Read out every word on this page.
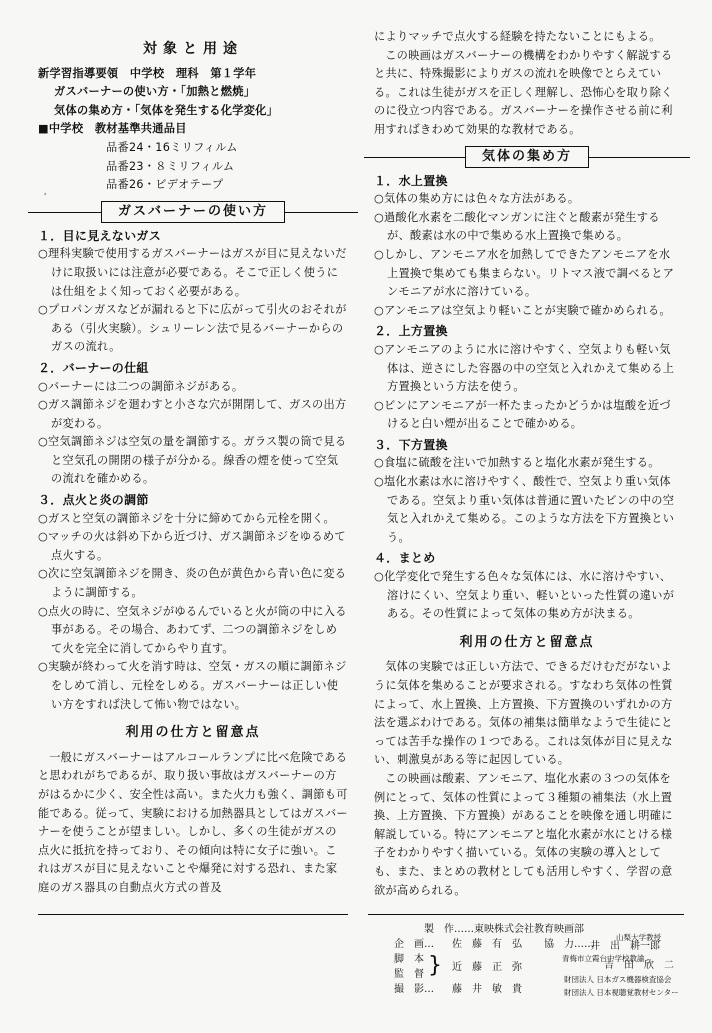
'
対象と用途
新学習指導要領　中学校　理科　第１学年
ガスバーナーの使い方・「加熱と燃焼」
気体の集め方・「気体を発生する化学変化」
■中学校　教材基準共通品目
品番24・16ミリフィルム
品番23・８ミリフィルム
品番26・ビデオテープ
ガスバーナーの使い方
１．目に見えないガス
○理科実験で使用するガスバーナーはガスが目に見えないだけに取扱いには注意が必要である。そこで正しく使うには仕組をよく知っておく必要がある。
○プロパンガスなどが漏れると下に広がって引火のおそれがある（引火実験）。シュリーレン法で見るバーナーからのガスの流れ。
２．バーナーの仕組
○バーナーには二つの調節ネジがある。
○ガス調節ネジを廻わすと小さな穴が開閉して、ガスの出方が変わる。
○空気調節ネジは空気の量を調節する。ガラス製の筒で見ると空気孔の開閉の様子が分かる。線香の煙を使って空気の流れを確かめる。
３．点火と炎の調節
○ガスと空気の調節ネジを十分に締めてから元栓を開く。
○マッチの火は斜め下から近づけ、ガス調節ネジをゆるめて点火する。
○次に空気調節ネジを開き、炎の色が黄色から青い色に変るように調節する。
○点火の時に、空気ネジがゆるんでいると火が筒の中に入る事がある。その場合、あわてず、二つの調節ネジをしめて火を完全に消してからやり直す。
○実験が終わって火を消す時は、空気・ガスの順に調節ネジをしめて消し、元栓をしめる。ガスバーナーは正しい使い方をすれば決して怖い物ではない。
利用の仕方と留意点
一般にガスバーナーはアルコールランプに比べ危険であると思われがちであるが、取り扱い事故はガスバーナーの方がはるかに少く、安全性は高い。また火力も強く、調節も可能である。従って、実験における加熱器具としてはガスバーナーを使うことが望ましい。しかし、多くの生徒がガスの点火に抵抗を持っており、その傾向は特に女子に強い。これはガスが目に見えないことや爆発に対する恐れ、また家庭のガス器具の自動点火方式の普及
によりマッチで点火する経験を持たないことにもよる。
この映画はガスバーナーの機構をわかりやすく解説すると共に、特殊撮影によりガスの流れを映像でとらえている。これは生徒がガスを正しく理解し、恐怖心を取り除くのに役立つ内容である。ガスバーナーを操作させる前に利用すればきわめて効果的な教材である。
気体の集め方
１．水上置換
○気体の集め方には色々な方法がある。
○過酸化水素を二酸化マンガンに注ぐと酸素が発生するが、酸素は水の中で集める水上置換で集める。
○しかし、アンモニア水を加熱してできたアンモニアを水上置換で集めても集まらない。リトマス液で調べるとアンモニアが水に溶けている。
○アンモニアは空気より軽いことが実験で確かめられる。
２．上方置換
○アンモニアのように水に溶けやすく、空気よりも軽い気体は、逆さにした容器の中の空気と入れかえて集める上方置換という方法を使う。
○ビンにアンモニアが一杯たまったかどうかは塩酸を近づけると白い煙が出ることで確かめる。
３．下方置換
○食塩に硫酸を注いで加熱すると塩化水素が発生する。
○塩化水素は水に溶けやすく、酸性で、空気より重い気体である。空気より重い気体は普通に置いたビンの中の空気と入れかえて集める。このような方法を下方置換という。
４．まとめ
○化学変化で発生する色々な気体には、水に溶けやすい、溶けにくい、空気より重い、軽いといった性質の違いがある。その性質によって気体の集め方が決まる。
利用の仕方と留意点
気体の実験では正しい方法で、できるだけむだがないように気体を集めることが要求される。すなわち気体の性質によって、水上置換、上方置換、下方置換のいずれかの方法を選ぶわけである。気体の補集は簡単なようで生徒にとっては苦手な操作の１つである。これは気体が目に見えない、刺激臭がある等に起因している。
この映画は酸素、アンモニア、塩化水素の３つの気体を例にとって、気体の性質によって３種類の補集法（水上置換、上方置換、下方置換）があることを映像を通し明確に解説している。特にアンモニアと塩化水素が水にとける様子をわかりやすく描いている。気体の実験の導入としても、また、まとめの教材としても活用しやすく、学習の意欲が高められる。
製　作……東映株式会社教育映画部
企　画… 佐　藤　有　弘 協　力……
山梨大学教授
井　出　耕一郎
脚　本
監　督 } 近　藤　正　弥
青梅市立霞台中学校教諭
吉　田　欣　二
財団法人 日本ガス機器検査協会
撮　影… 藤　井　敏　貴	財団法人 日本視聴覚教材センター
